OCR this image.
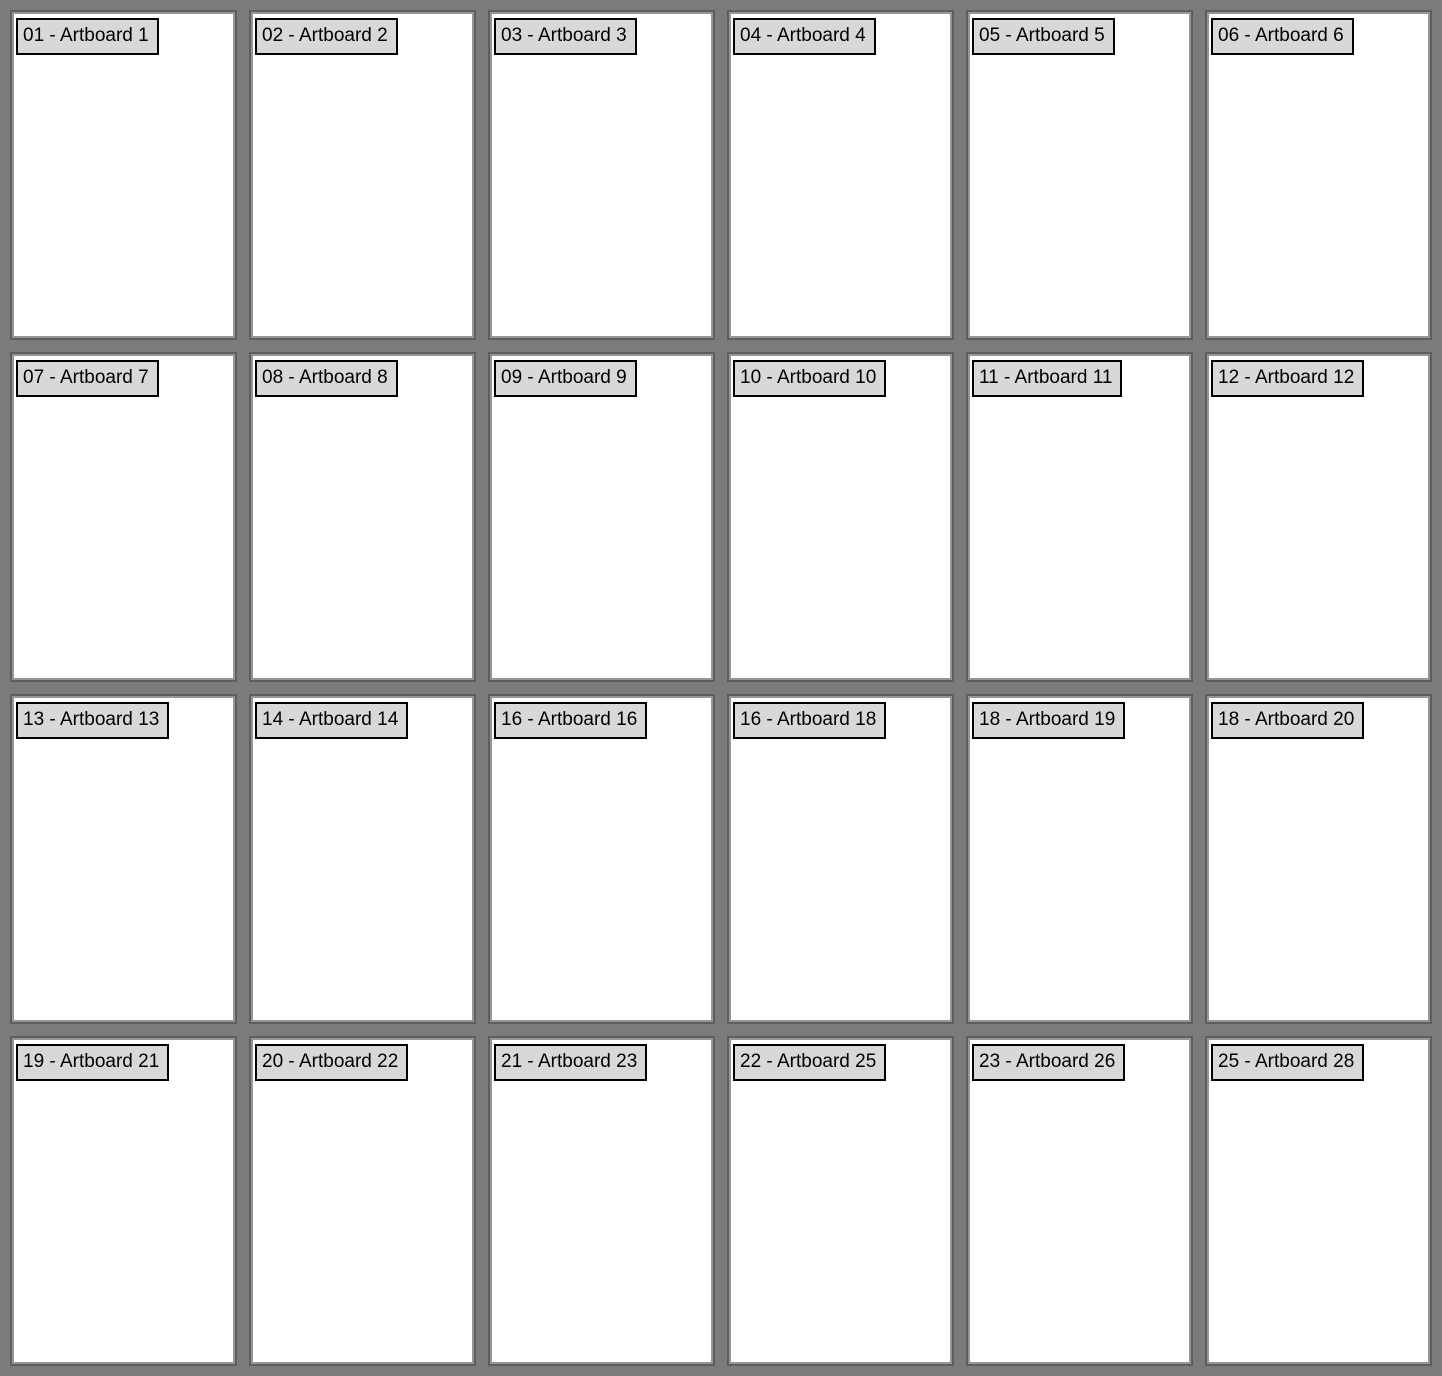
01 - Artboard 1	02 - Artboard 2	03 - Artboard 3	04 - Artboard 4	05 - Artboard 5	06 - Artboard 6
07 - Artboard 7	08 - Artboard 8	09 - Artboard 9	10 - Artboard 10	11 - Artboard 11	12 - Artboard 12
13 - Artboard 13	14 - Artboard 14	16 - Artboard 16	16 - Artboard 18	18 - Artboard 19	18 - Artboard 20
19 - Artboard 21	20 - Artboard 22	21 - Artboard 23	22 - Artboard 25	23 - Artboard 26	25 - Artboard 28
